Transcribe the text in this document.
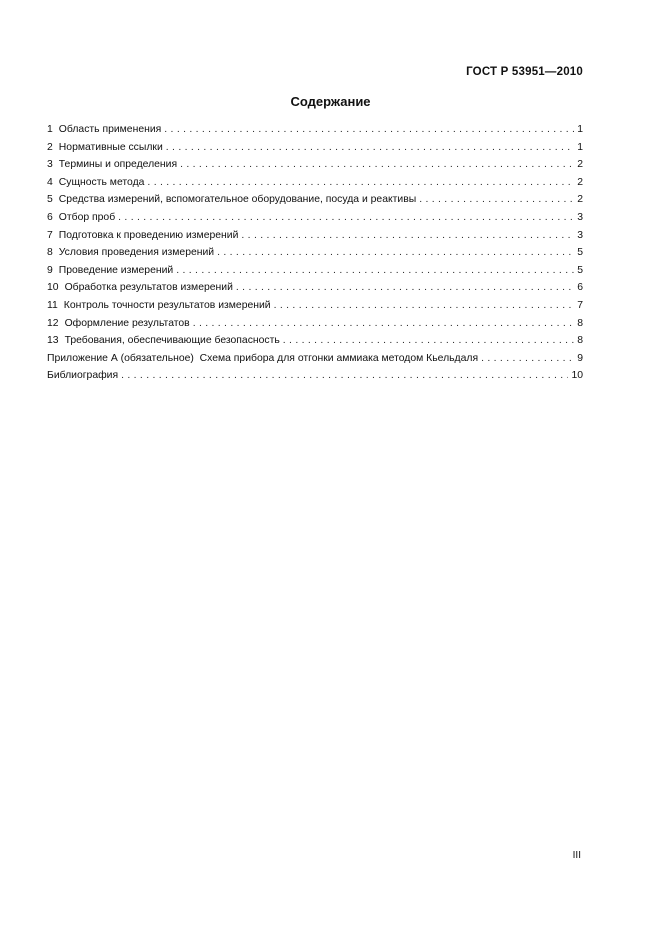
ГОСТ Р 53951—2010
Содержание
1 Область применения . . .	1
2 Нормативные ссылки . . .	1
3 Термины и определения . . .	2
4 Сущность метода . . .	2
5 Средства измерений, вспомогательное оборудование, посуда и реактивы . . .	2
6 Отбор проб . . .	3
7 Подготовка к проведению измерений . . .	3
8 Условия проведения измерений . . .	5
9 Проведение измерений . . .	5
10 Обработка результатов измерений . . .	6
11 Контроль точности результатов измерений . . .	7
12 Оформление результатов . . .	8
13 Требования, обеспечивающие безопасность . . .	8
Приложение А (обязательное)  Схема прибора для отгонки аммиака методом Кьельдаля . . .	9
Библиография . . .	10
III
